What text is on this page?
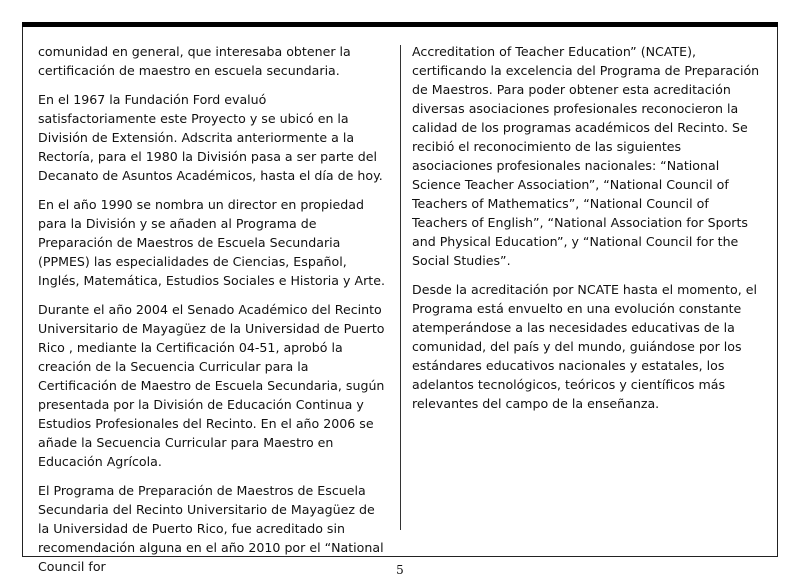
comunidad en general, que interesaba obtener la certificación de maestro en escuela secundaria.

En el 1967 la Fundación Ford evaluó satisfactoriamente este Proyecto y se ubicó en la División de Extensión. Adscrita anteriormente a la Rectoría, para el 1980 la División pasa a ser parte del Decanato de Asuntos Académicos, hasta el día de hoy.

En el año 1990 se nombra un director en propiedad para la División y se añaden al Programa de Preparación de Maestros de Escuela Secundaria (PPMES) las especialidades de Ciencias, Español, Inglés, Matemática, Estudios Sociales e Historia y Arte.

Durante el año 2004 el Senado Académico del Recinto Universitario de Mayagüez de la Universidad de Puerto Rico , mediante la Certificación 04-51, aprobó la creación de la Secuencia Curricular para la Certificación de Maestro de Escuela Secundaria, sugún presentada por la División de Educación Continua y Estudios Profesionales del Recinto. En el año 2006 se añade la Secuencia Curricular para Maestro en Educación Agrícola.

El Programa de Preparación de Maestros de Escuela Secundaria del Recinto Universitario de Mayagüez de la Universidad de Puerto Rico, fue acreditado sin recomendación alguna en el año 2010 por el “National Council for

Accreditation of Teacher Education” (NCATE), certificando la excelencia del Programa de Preparación de Maestros. Para poder obtener esta acreditación diversas asociaciones profesionales reconocieron la calidad de los programas académicos del Recinto. Se recibió el reconocimiento de las siguientes asociaciones profesionales nacionales: “National Science Teacher Association”, “National Council of Teachers of Mathematics”, “National Council of Teachers of English”, “National Association for Sports and Physical Education”, y “National Council for the Social Studies”.

Desde la acreditación por NCATE hasta el momento, el Programa está envuelto en una evolución constante atemperándose a las necesidades educativas de la comunidad, del país y del mundo, guiándose por los estándares educativos nacionales y estatales, los adelantos tecnológicos, teóricos y científicos más relevantes del campo de la enseñanza.

5
